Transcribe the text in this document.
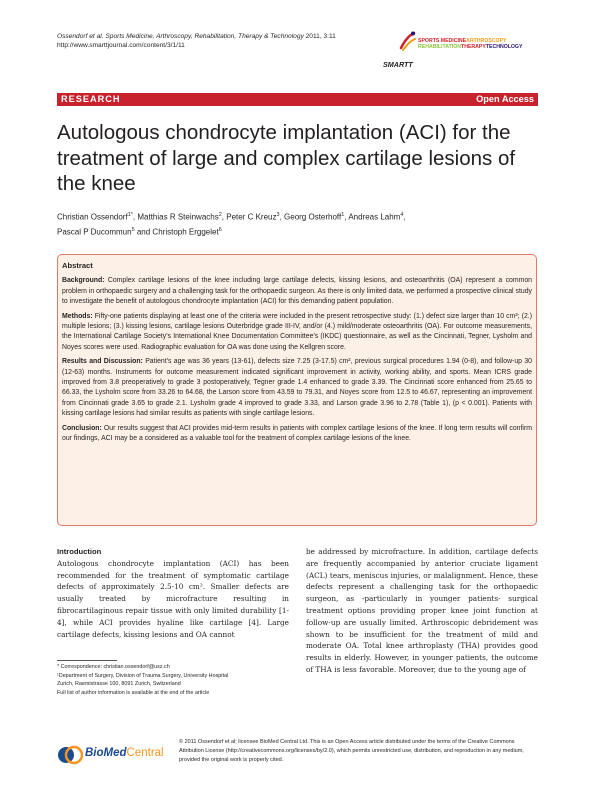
Ossendorf et al. Sports Medicine, Arthroscopy, Rehabilitation, Therapy & Technology 2011, 3:11
http://www.smarttjournal.com/content/3/1/11
SPORTS MEDICINEARTHROSCOPY
REHABILITATIONTHERAPYTECHNOLOGY
SMARTT
RESEARCH	Open Access
Autologous chondrocyte implantation (ACI) for the treatment of large and complex cartilage lesions of the knee
Christian Ossendorf$^{1*}$, Matthias R Steinwachs$^2$, Peter C Kreuz$^3$, Georg Osterhoff$^1$, Andreas Lahm$^4$,
Pascal P Ducommun$^5$ and Christoph Erggelet$^6$
Abstract

Background: Complex cartilage lesions of the knee including large cartilage defects, kissing lesions, and osteoarthritis (OA) represent a common problem in orthopaedic surgery and a challenging task for the orthopaedic surgeon. As there is only limited data, we performed a prospective clinical study to investigate the benefit of autologous chondrocyte implantation (ACI) for this demanding patient population.

Methods: Fifty-one patients displaying at least one of the criteria were included in the present retrospective study: (1.) defect size larger than 10 cm²; (2.) multiple lesions; (3.) kissing lesions, cartilage lesions Outerbridge grade III-IV, and/or (4.) mild/moderate osteoarthritis (OA). For outcome measurements, the International Cartilage Society's International Knee Documentation Committee's (IKDC) questionnaire, as well as the Cincinnati, Tegner, Lysholm and Noyes scores were used. Radiographic evaluation for OA was done using the Kellgren score.

Results and Discussion: Patient's age was 36 years (13-61), defects size 7.25 (3-17.5) cm², previous surgical procedures 1.94 (0-8), and follow-up 30 (12-63) months. Instruments for outcome measurement indicated significant improvement in activity, working ability, and sports. Mean ICRS grade improved from 3.8 preoperatively to grade 3 postoperatively, Tegner grade 1.4 enhanced to grade 3.39. The Cincinnati score enhanced from 25.65 to 66.33, the Lysholm score from 33.26 to 64.68, the Larson score from 43.59 to 79.31, and Noyes score from 12.5 to 46.67, representing an improvement from Cincinnati grade 3.65 to grade 2.1. Lysholm grade 4 improved to grade 3.33, and Larson grade 3.96 to 2.78 (Table 1), (p < 0.001). Patients with kissing cartilage lesions had similar results as patients with single cartilage lesions.

Conclusion: Our results suggest that ACI provides mid-term results in patients with complex cartilage lesions of the knee. If long term results will confirm our findings, ACI may be a considered as a valuable tool for the treatment of complex cartilage lesions of the knee.

Introduction
Autologous chondrocyte implantation (ACI) has been recommended for the treatment of symptomatic cartilage defects of approximately 2.5-10 cm². Smaller defects are usually treated by microfracture resulting in fibrocartilaginous repair tissue with only limited durability [1-4], while ACI provides hyaline like cartilage [4]. Large cartilage defects, kissing lesions and OA cannot
be addressed by microfracture. In addition, cartilage defects are frequently accompanied by anterior cruciate ligament (ACL) tears, meniscus injuries, or malalignment. Hence, these defects represent a challenging task for the orthopaedic surgeon, as -particularly in younger patients- surgical treatment options providing proper knee joint function at follow-up are usually limited. Arthroscopic debridement was shown to be insufficient for the treatment of mild and moderate OA. Total knee arthroplasty (THA) provides good results in elderly. However, in younger patients, the outcome of THA is less favorable. Moreover, due to the young age of
* Correspondence: christian.ossendorf@usz.ch
¹Department of Surgery, Division of Trauma Surgery, University Hospital
Zurich, Raemistrasse 100, 8091 Zurich, Switzerland
Full list of author information is available at the end of the article
BioMedCentral
© 2011 Ossendorf et al; licensee BioMed Central Ltd. This is an Open Access article distributed under the terms of the Creative Commons Attribution License (http://creativecommons.org/licenses/by/2.0), which permits unrestricted use, distribution, and reproduction in any medium, provided the original work is properly cited.
